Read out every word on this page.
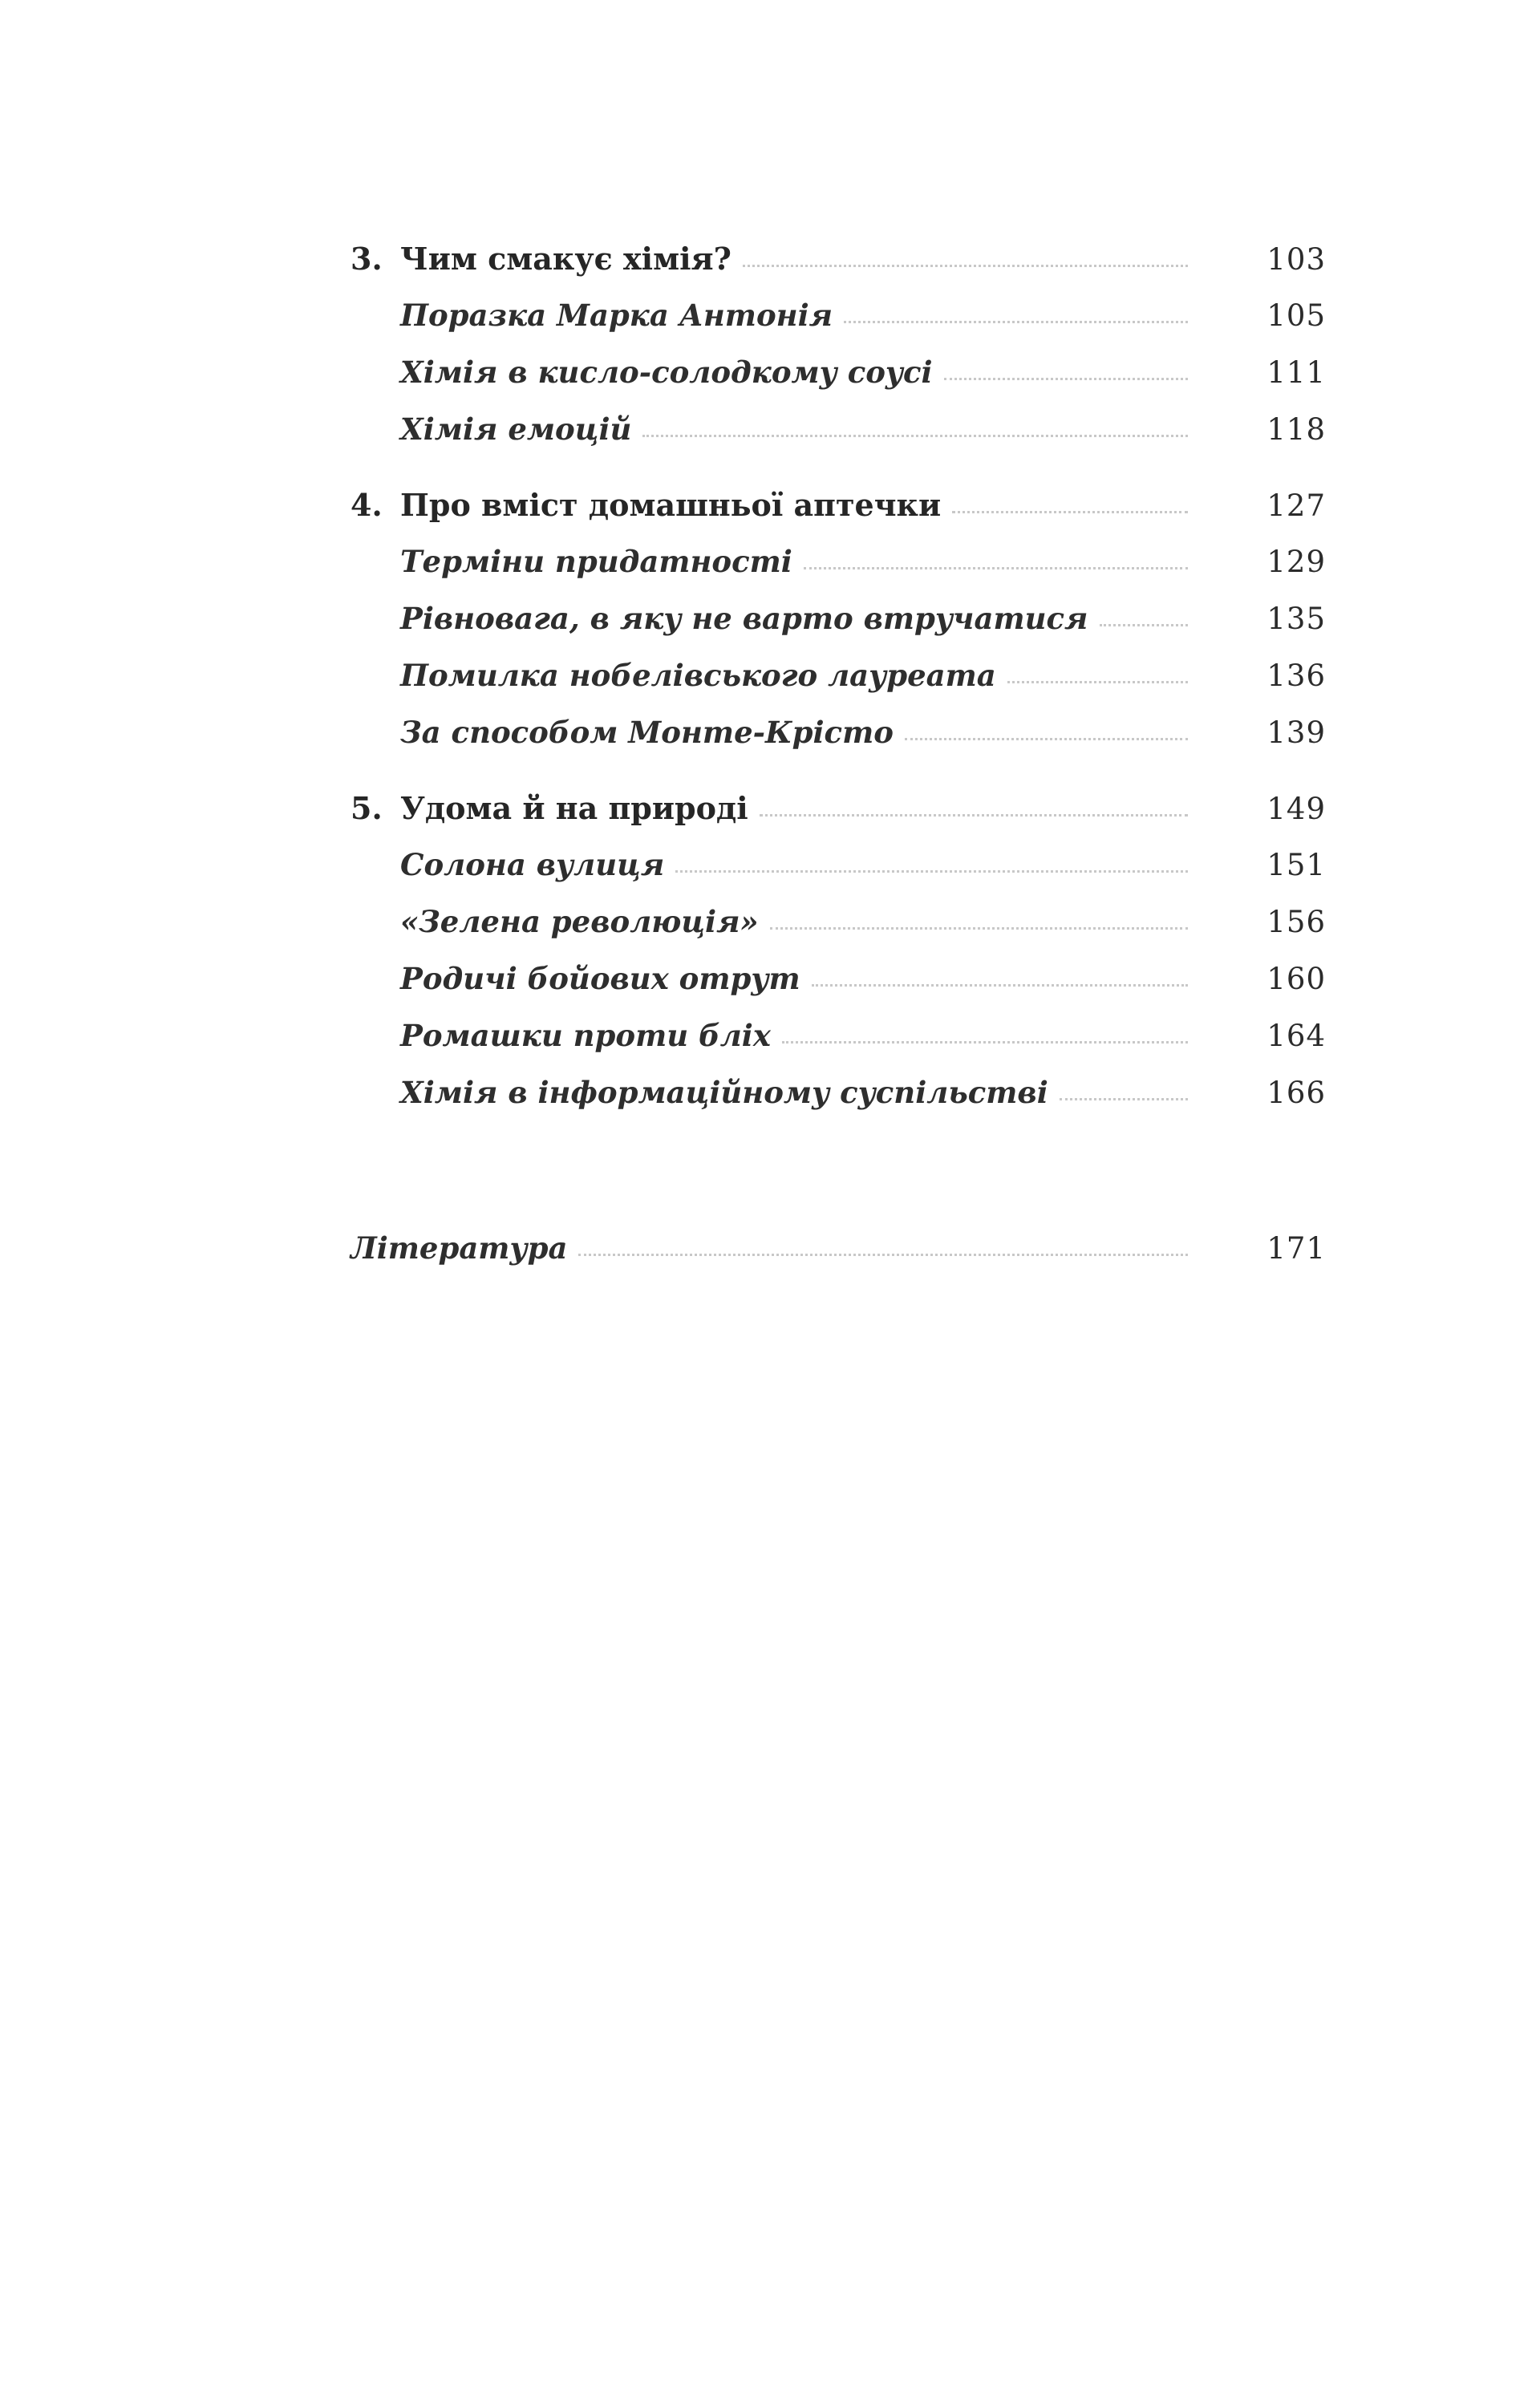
3. Чим смакує хімія?	103
Поразка Марка Антонія	105
Хімія в кисло-солодкому соусі	111
Хімія емоцій	118
4. Про вміст домашньої аптечки	127
Терміни придатності	129
Рівновага, в яку не варто втручатися	135
Помилка нобелівського лауреата	136
За способом Монте-Крісто	139
5. Удома й на природі	149
Солона вулиця	151
«Зелена революція»	156
Родичі бойових отрут	160
Ромашки проти бліх	164
Хімія в інформаційному суспільстві	166
Література	171
